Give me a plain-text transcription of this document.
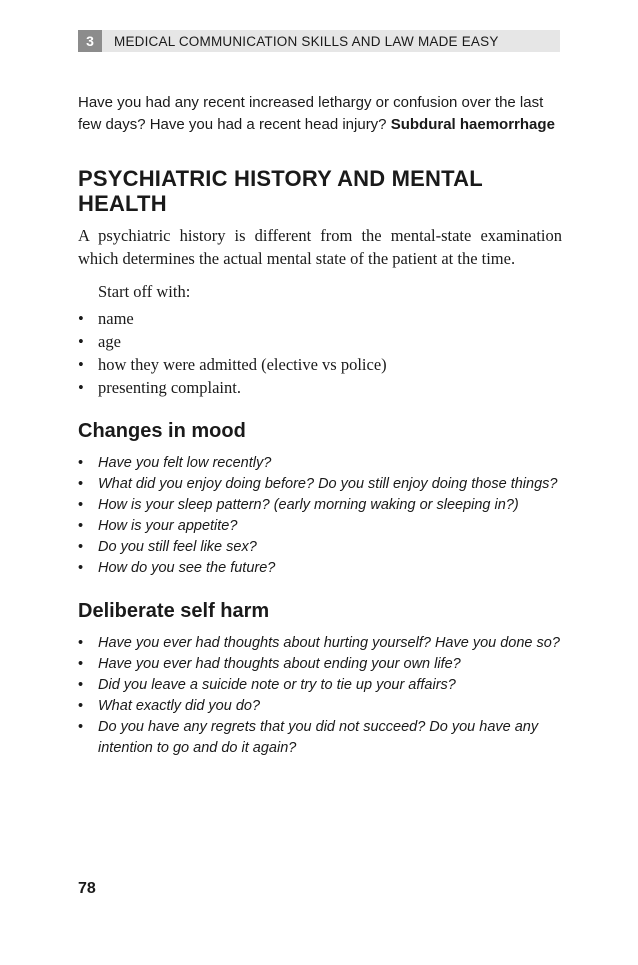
3	MEDICAL COMMUNICATION SKILLS AND LAW MADE EASY

Have you had any recent increased lethargy or confusion over the last few days? Have you had a recent head injury? Subdural haemorrhage

PSYCHIATRIC HISTORY AND MENTAL HEALTH

A psychiatric history is different from the mental-state examination which determines the actual mental state of the patient at the time.

Start off with:

• name
• age
• how they were admitted (elective vs police)
• presenting complaint.
Changes in mood
• Have you felt low recently?
• What did you enjoy doing before? Do you still enjoy doing those things?
• How is your sleep pattern? (early morning waking or sleeping in?)
• How is your appetite?
• Do you still feel like sex?
• How do you see the future?
Deliberate self harm
• Have you ever had thoughts about hurting yourself? Have you done so?
• Have you ever had thoughts about ending your own life?
• Did you leave a suicide note or try to tie up your affairs?
• What exactly did you do?
• Do you have any regrets that you did not succeed? Do you have any intention to go and do it again?
78
